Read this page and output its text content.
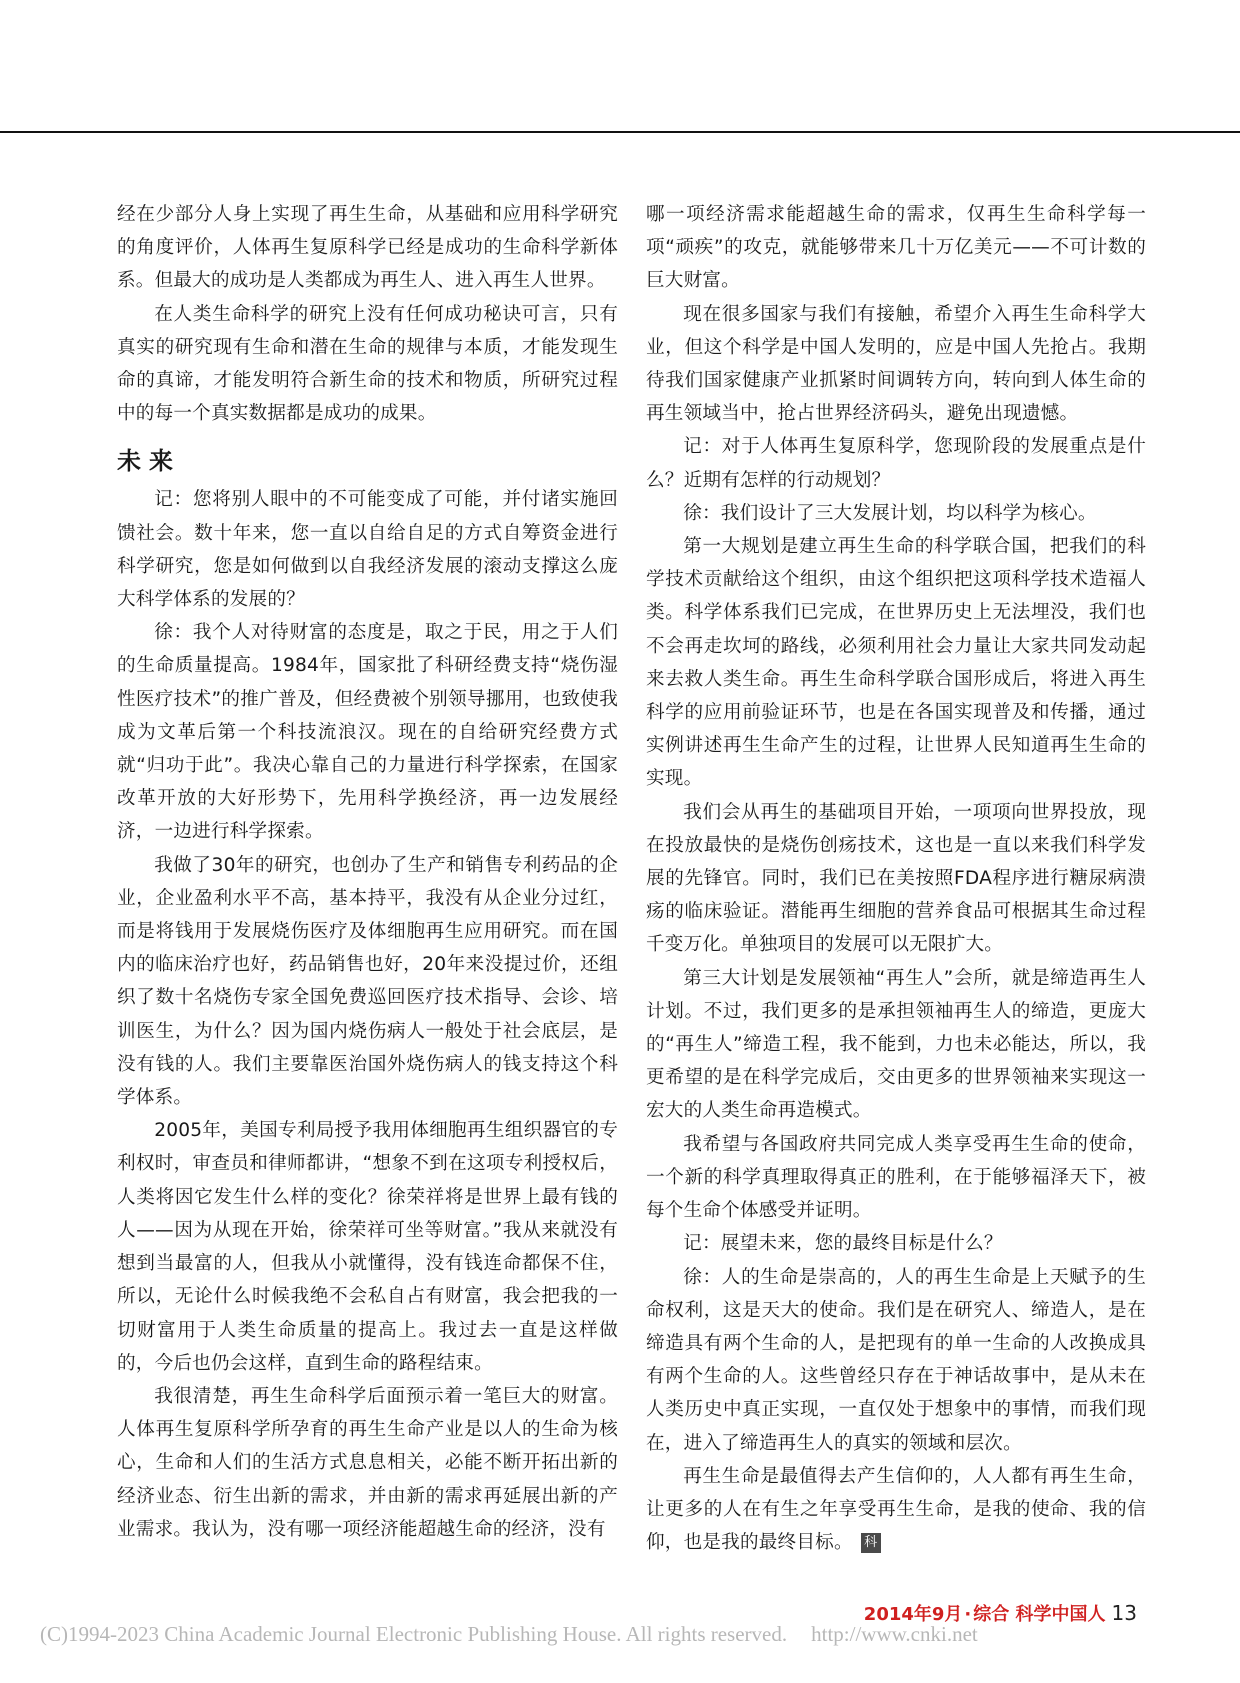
经在少部分人身上实现了再生生命，从基础和应用科学研究的角度评价，人体再生复原科学已经是成功的生命科学新体系。但最大的成功是人类都成为再生人、进入再生人世界。

在人类生命科学的研究上没有任何成功秘诀可言，只有真实的研究现有生命和潜在生命的规律与本质，才能发现生命的真谛，才能发明符合新生命的技术和物质，所研究过程中的每一个真实数据都是成功的成果。

未来

记：您将别人眼中的不可能变成了可能，并付诸实施回馈社会。数十年来，您一直以自给自足的方式自筹资金进行科学研究，您是如何做到以自我经济发展的滚动支撑这么庞大科学体系的发展的？

徐：我个人对待财富的态度是，取之于民，用之于人们的生命质量提高。1984年，国家批了科研经费支持“烧伤湿性医疗技术”的推广普及，但经费被个别领导挪用，也致使我成为文革后第一个科技流浪汉。现在的自给研究经费方式就“归功于此”。我决心靠自己的力量进行科学探索，在国家改革开放的大好形势下，先用科学换经济，再一边发展经济，一边进行科学探索。

我做了30年的研究，也创办了生产和销售专利药品的企业，企业盈利水平不高，基本持平，我没有从企业分过红，而是将钱用于发展烧伤医疗及体细胞再生应用研究。而在国内的临床治疗也好，药品销售也好，20年来没提过价，还组织了数十名烧伤专家全国免费巡回医疗技术指导、会诊、培训医生，为什么？因为国内烧伤病人一般处于社会底层，是没有钱的人。我们主要靠医治国外烧伤病人的钱支持这个科学体系。

2005年，美国专利局授予我用体细胞再生组织器官的专利权时，审查员和律师都讲，“想象不到在这项专利授权后，人类将因它发生什么样的变化？徐荣祥将是世界上最有钱的人——因为从现在开始，徐荣祥可坐等财富。”我从来就没有想到当最富的人，但我从小就懂得，没有钱连命都保不住，所以，无论什么时候我绝不会私自占有财富，我会把我的一切财富用于人类生命质量的提高上。我过去一直是这样做的，今后也仍会这样，直到生命的路程结束。

我很清楚，再生生命科学后面预示着一笔巨大的财富。人体再生复原科学所孕育的再生生命产业是以人的生命为核心，生命和人们的生活方式息息相关，必能不断开拓出新的经济业态、衍生出新的需求，并由新的需求再延展出新的产业需求。我认为，没有哪一项经济能超越生命的经济，没有

哪一项经济需求能超越生命的需求，仅再生生命科学每一项“顽疾”的攻克，就能够带来几十万亿美元——不可计数的巨大财富。

现在很多国家与我们有接触，希望介入再生生命科学大业，但这个科学是中国人发明的，应是中国人先抢占。我期待我们国家健康产业抓紧时间调转方向，转向到人体生命的再生领域当中，抢占世界经济码头，避免出现遗憾。

记：对于人体再生复原科学，您现阶段的发展重点是什么？近期有怎样的行动规划？

徐：我们设计了三大发展计划，均以科学为核心。

第一大规划是建立再生生命的科学联合国，把我们的科学技术贡献给这个组织，由这个组织把这项科学技术造福人类。科学体系我们已完成，在世界历史上无法埋没，我们也不会再走坎坷的路线，必须利用社会力量让大家共同发动起来去救人类生命。再生生命科学联合国形成后，将进入再生科学的应用前验证环节，也是在各国实现普及和传播，通过实例讲述再生生命产生的过程，让世界人民知道再生生命的实现。

我们会从再生的基础项目开始，一项项向世界投放，现在投放最快的是烧伤创疡技术，这也是一直以来我们科学发展的先锋官。同时，我们已在美按照FDA程序进行糖尿病溃疡的临床验证。潜能再生细胞的营养食品可根据其生命过程千变万化。单独项目的发展可以无限扩大。

第三大计划是发展领袖“再生人”会所，就是缔造再生人计划。不过，我们更多的是承担领袖再生人的缔造，更庞大的“再生人”缔造工程，我不能到，力也未必能达，所以，我更希望的是在科学完成后，交由更多的世界领袖来实现这一宏大的人类生命再造模式。

我希望与各国政府共同完成人类享受再生生命的使命，一个新的科学真理取得真正的胜利，在于能够福泽天下，被每个生命个体感受并证明。

记：展望未来，您的最终目标是什么？

徐：人的生命是崇高的，人的再生生命是上天赋予的生命权利，这是天大的使命。我们是在研究人、缔造人，是在缔造具有两个生命的人，是把现有的单一生命的人改换成具有两个生命的人。这些曾经只存在于神话故事中，是从未在人类历史中真正实现，一直仅处于想象中的事情，而我们现在，进入了缔造再生人的真实的领域和层次。

再生生命是最值得去产生信仰的，人人都有再生生命，让更多的人在有生之年享受再生生命，是我的使命、我的信仰，也是我的最终目标。 科

2014年9月 · 综合 科学中国人 13
(C)1994-2023 China Academic Journal Electronic Publishing House. All rights reserved. http://www.cnki.net
